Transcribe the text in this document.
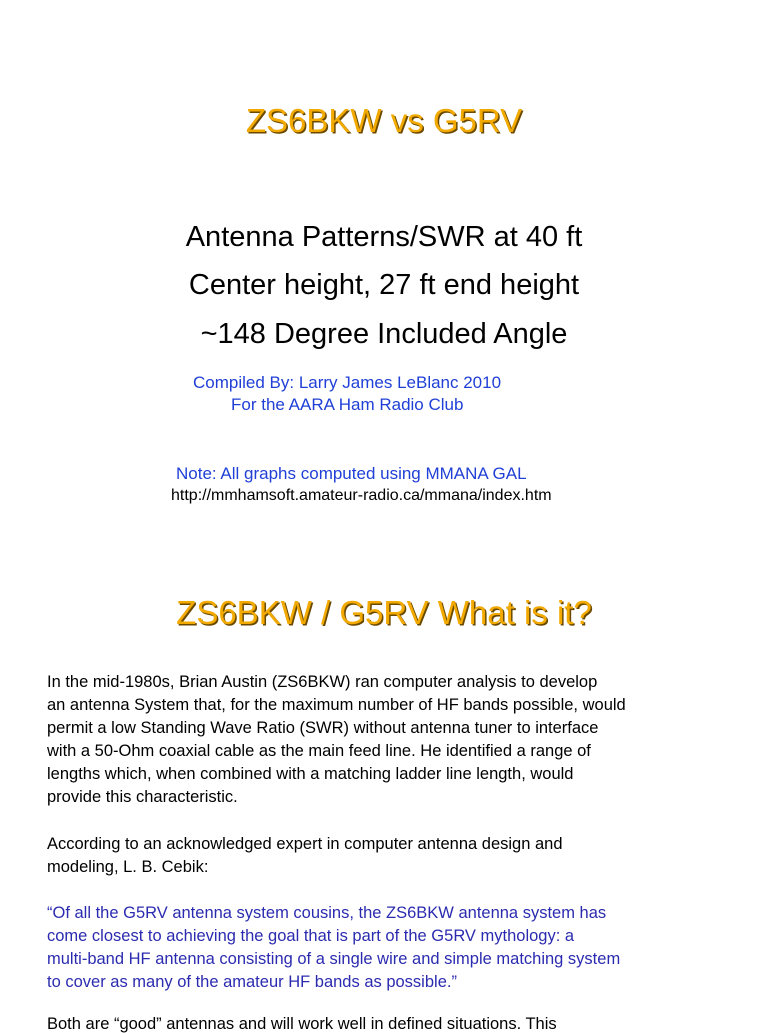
ZS6BKW vs G5RV
Antenna Patterns/SWR at 40 ft
Center height, 27 ft end height
~148 Degree Included Angle
Compiled By: Larry James LeBlanc 2010
For the AARA Ham Radio Club
Note: All graphs computed using MMANA GAL
http://mmhamsoft.amateur-radio.ca/mmana/index.htm
ZS6BKW / G5RV What is it?
In the mid-1980s, Brian Austin (ZS6BKW) ran computer analysis to develop
an antenna System that, for the maximum number of HF bands possible, would
permit a low Standing Wave Ratio (SWR) without antenna tuner to interface
with a 50-Ohm coaxial cable as the main feed line. He identified a range of
lengths which, when combined with a matching ladder line length, would
provide this characteristic.
According to an acknowledged expert in computer antenna design and
modeling, L. B. Cebik:
“Of all the G5RV antenna system cousins, the ZS6BKW antenna system has
come closest to achieving the goal that is part of the G5RV mythology: a
multi-band HF antenna consisting of a single wire and simple matching system
to cover as many of the amateur HF bands as possible.”
Both are “good” antennas and will work well in defined situations. This
